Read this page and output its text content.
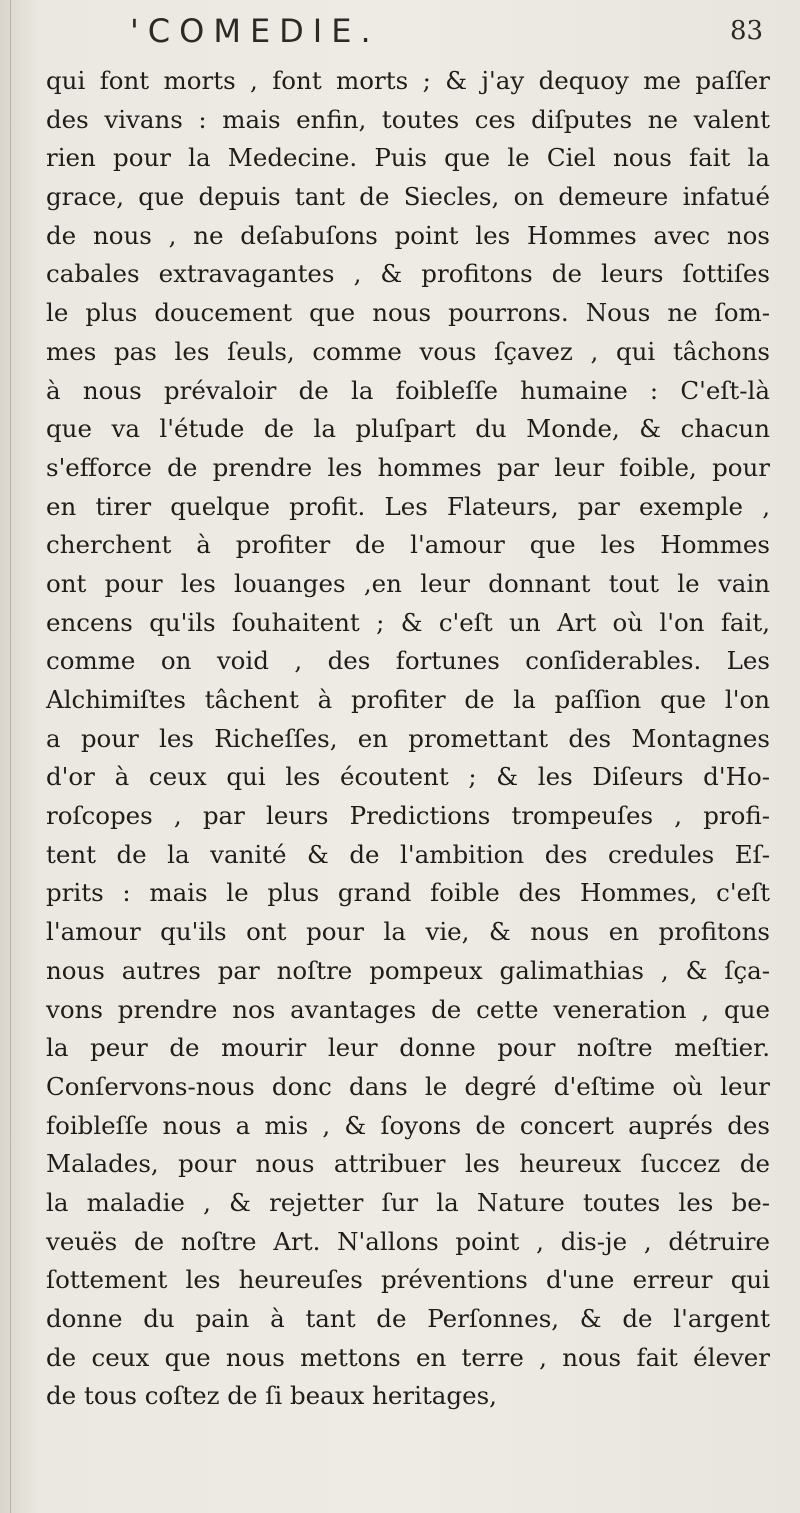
'COMEDIE.	83
qui font morts , font morts ; & j'ay dequoy me paſſer
des vivans : mais enfin, toutes ces diſputes ne valent
rien pour la Medecine. Puis que le Ciel nous fait la
grace, que depuis tant de Siecles, on demeure infatué
de nous , ne deſabuſons point les Hommes avec nos
cabales extravagantes , & profitons de leurs ſottiſes
le plus doucement que nous pourrons. Nous ne ſom-
mes pas les ſeuls, comme vous ſçavez , qui tâchons
à nous prévaloir de la foibleſſe humaine : C'eſt-là
que va l'étude de la pluſpart du Monde, & chacun
s'efforce de prendre les hommes par leur foible, pour
en tirer quelque profit. Les Flateurs, par exemple ,
cherchent à profiter de l'amour que les Hommes
ont pour les louanges ,en leur donnant tout le vain
encens qu'ils ſouhaitent ; & c'eſt un Art où l'on fait,
comme on void , des fortunes conſiderables. Les
Alchimiſtes tâchent à profiter de la paſſion que l'on
a pour les Richeſſes, en promettant des Montagnes
d'or à ceux qui les écoutent ; & les Diſeurs d'Ho-
roſcopes , par leurs Predictions trompeuſes , profi-
tent de la vanité & de l'ambition des credules Eſ-
prits : mais le plus grand foible des Hommes, c'eſt
l'amour qu'ils ont pour la vie, & nous en profitons
nous autres par noſtre pompeux galimathias , & ſça-
vons prendre nos avantages de cette veneration , que
la peur de mourir leur donne pour noſtre meſtier.
Conſervons-nous donc dans le degré d'eſtime où leur
foibleſſe nous a mis , & ſoyons de concert auprés des
Malades, pour nous attribuer les heureux ſuccez de
la maladie , & rejetter ſur la Nature toutes les be-
veuës de noſtre Art. N'allons point , dis-je , détruire
ſottement les heureuſes préventions d'une erreur qui
donne du pain à tant de Perſonnes, & de l'argent
de ceux que nous mettons en terre , nous fait élever
de tous coſtez de ſi beaux heritages,
